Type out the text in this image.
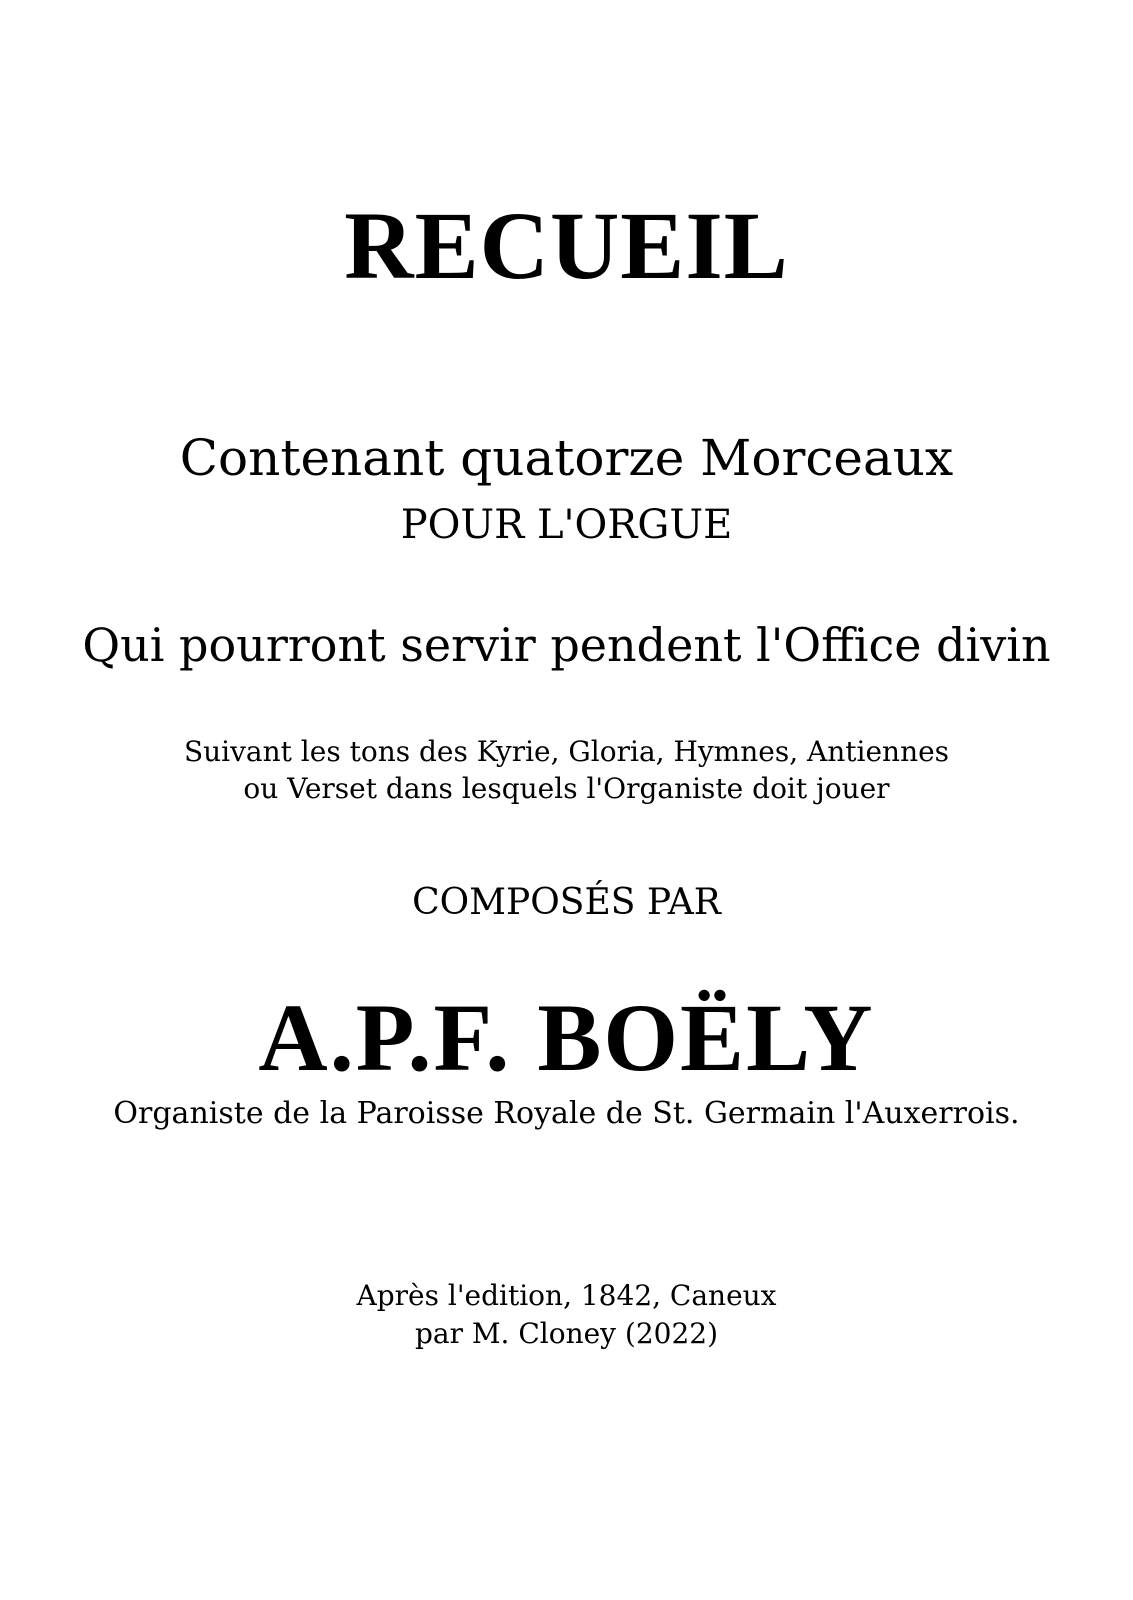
RECUEIL
Contenant quatorze Morceaux
POUR L'ORGUE
Qui pourront servir pendent l'Office divin
Suivant les tons des Kyrie, Gloria, Hymnes, Antiennes
ou Verset dans lesquels l'Organiste doit jouer
COMPOSÉS PAR
A.P.F. BOËLY
Organiste de la Paroisse Royale de St. Germain l'Auxerrois.
Après l'edition, 1842, Caneux
par M. Cloney (2022)
